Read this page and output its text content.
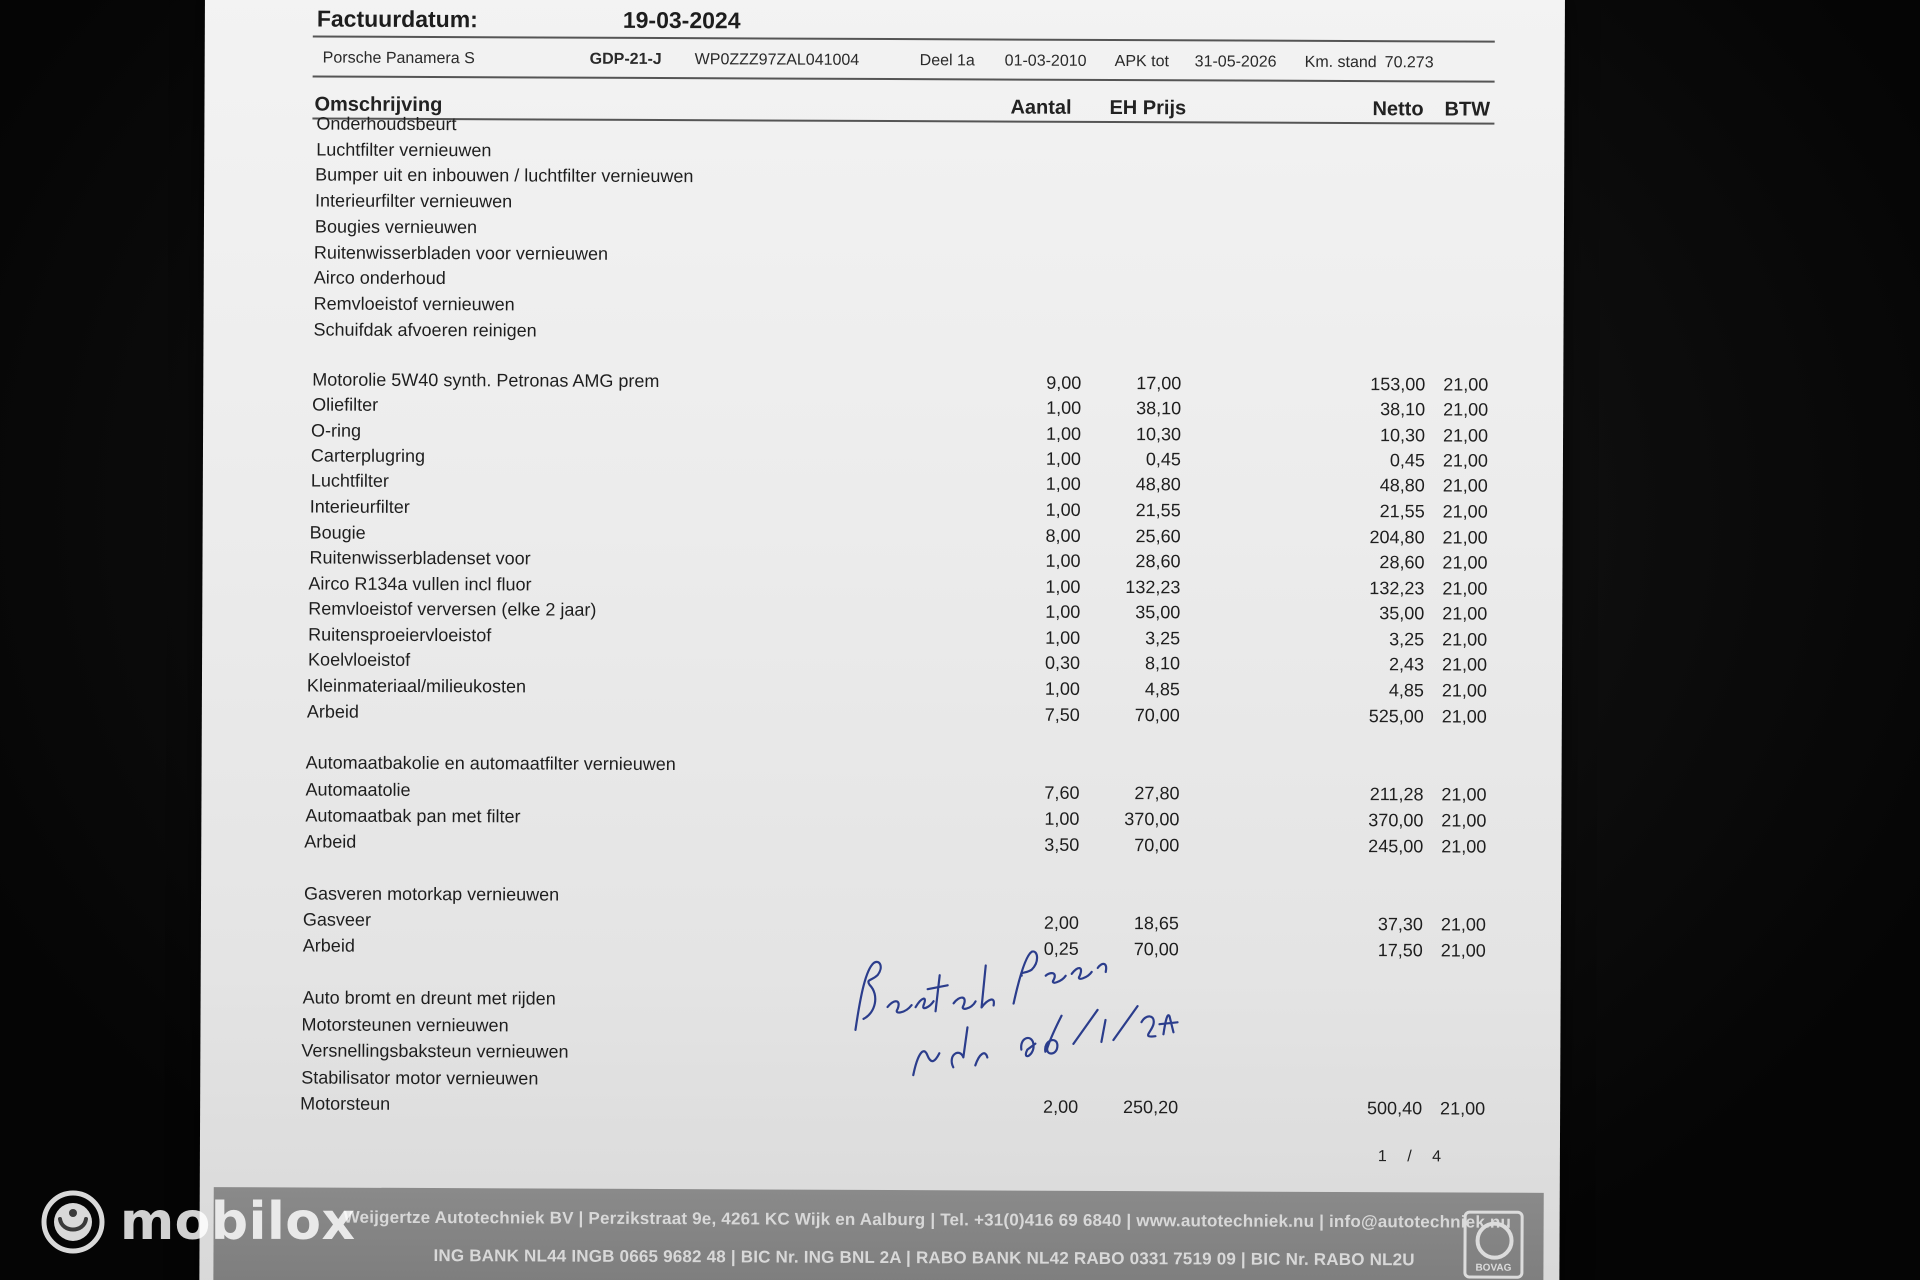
Factuurdatum:	19-03-2024
Porsche Panamera S	GDP-21-J WP0ZZZ97ZAL041004	Deel 1a 01-03-2010 APK tot 31-05-2026 Km. stand 70.273
Omschrijving	Aantal EH Prijs	Netto BTW
Onderhoudsbeurt
Luchtfilter vernieuwen
Bumper uit en inbouwen / luchtfilter vernieuwen
Interieurfilter vernieuwen
Bougies vernieuwen
Ruitenwisserbladen voor vernieuwen
Airco onderhoud
Remvloeistof vernieuwen
Schuifdak afvoeren reinigen
Motorolie 5W40 synth. Petronas AMG prem	9,00	17,00	153,00 21,00
Oliefilter	1,00	38,10	38,10 21,00
O-ring	1,00	10,30	10,30 21,00
Carterplugring	1,00	0,45	0,45 21,00
Luchtfilter	1,00	48,80	48,80 21,00
Interieurfilter	1,00	21,55	21,55 21,00
Bougie	8,00	25,60	204,80 21,00
Ruitenwisserbladenset voor	1,00	28,60	28,60 21,00
Airco R134a vullen incl fluor	1,00	132,23	132,23 21,00
Remvloeistof verversen (elke 2 jaar)	1,00	35,00	35,00 21,00
Ruitensproeiervloeistof	1,00	3,25	3,25 21,00
Koelvloeistof	0,30	8,10	2,43 21,00
Kleinmateriaal/milieukosten	1,00	4,85	4,85 21,00
Arbeid	7,50	70,00	525,00 21,00
Automaatbakolie en automaatfilter vernieuwen
Automaatolie	7,60	27,80	211,28 21,00
Automaatbak pan met filter	1,00	370,00	370,00 21,00
Arbeid	3,50	70,00	245,00 21,00
Gasveren motorkap vernieuwen
Gasveer	2,00	18,65	37,30 21,00
Arbeid	0,25	70,00	17,50 21,00
Auto bromt en dreunt met rijden
Motorsteunen vernieuwen
Versnellingsbaksteun vernieuwen
Stabilisator motor vernieuwen
Motorsteun	2,00	250,20	500,40 21,00
1 / 4
Weijgertze Autotechniek BV | Perzikstraat 9e, 4261 KC Wijk en Aalburg | Tel. +31(0)416 69 6840 | www.autotechniek.nu | info@autotechniek.nu
ING BANK NL44 INGB 0665 9682 48 | BIC Nr. ING BNL 2A | RABO BANK NL42 RABO 0331 7519 09 | BIC Nr. RABO NL2U	BOVAG
mobilox
